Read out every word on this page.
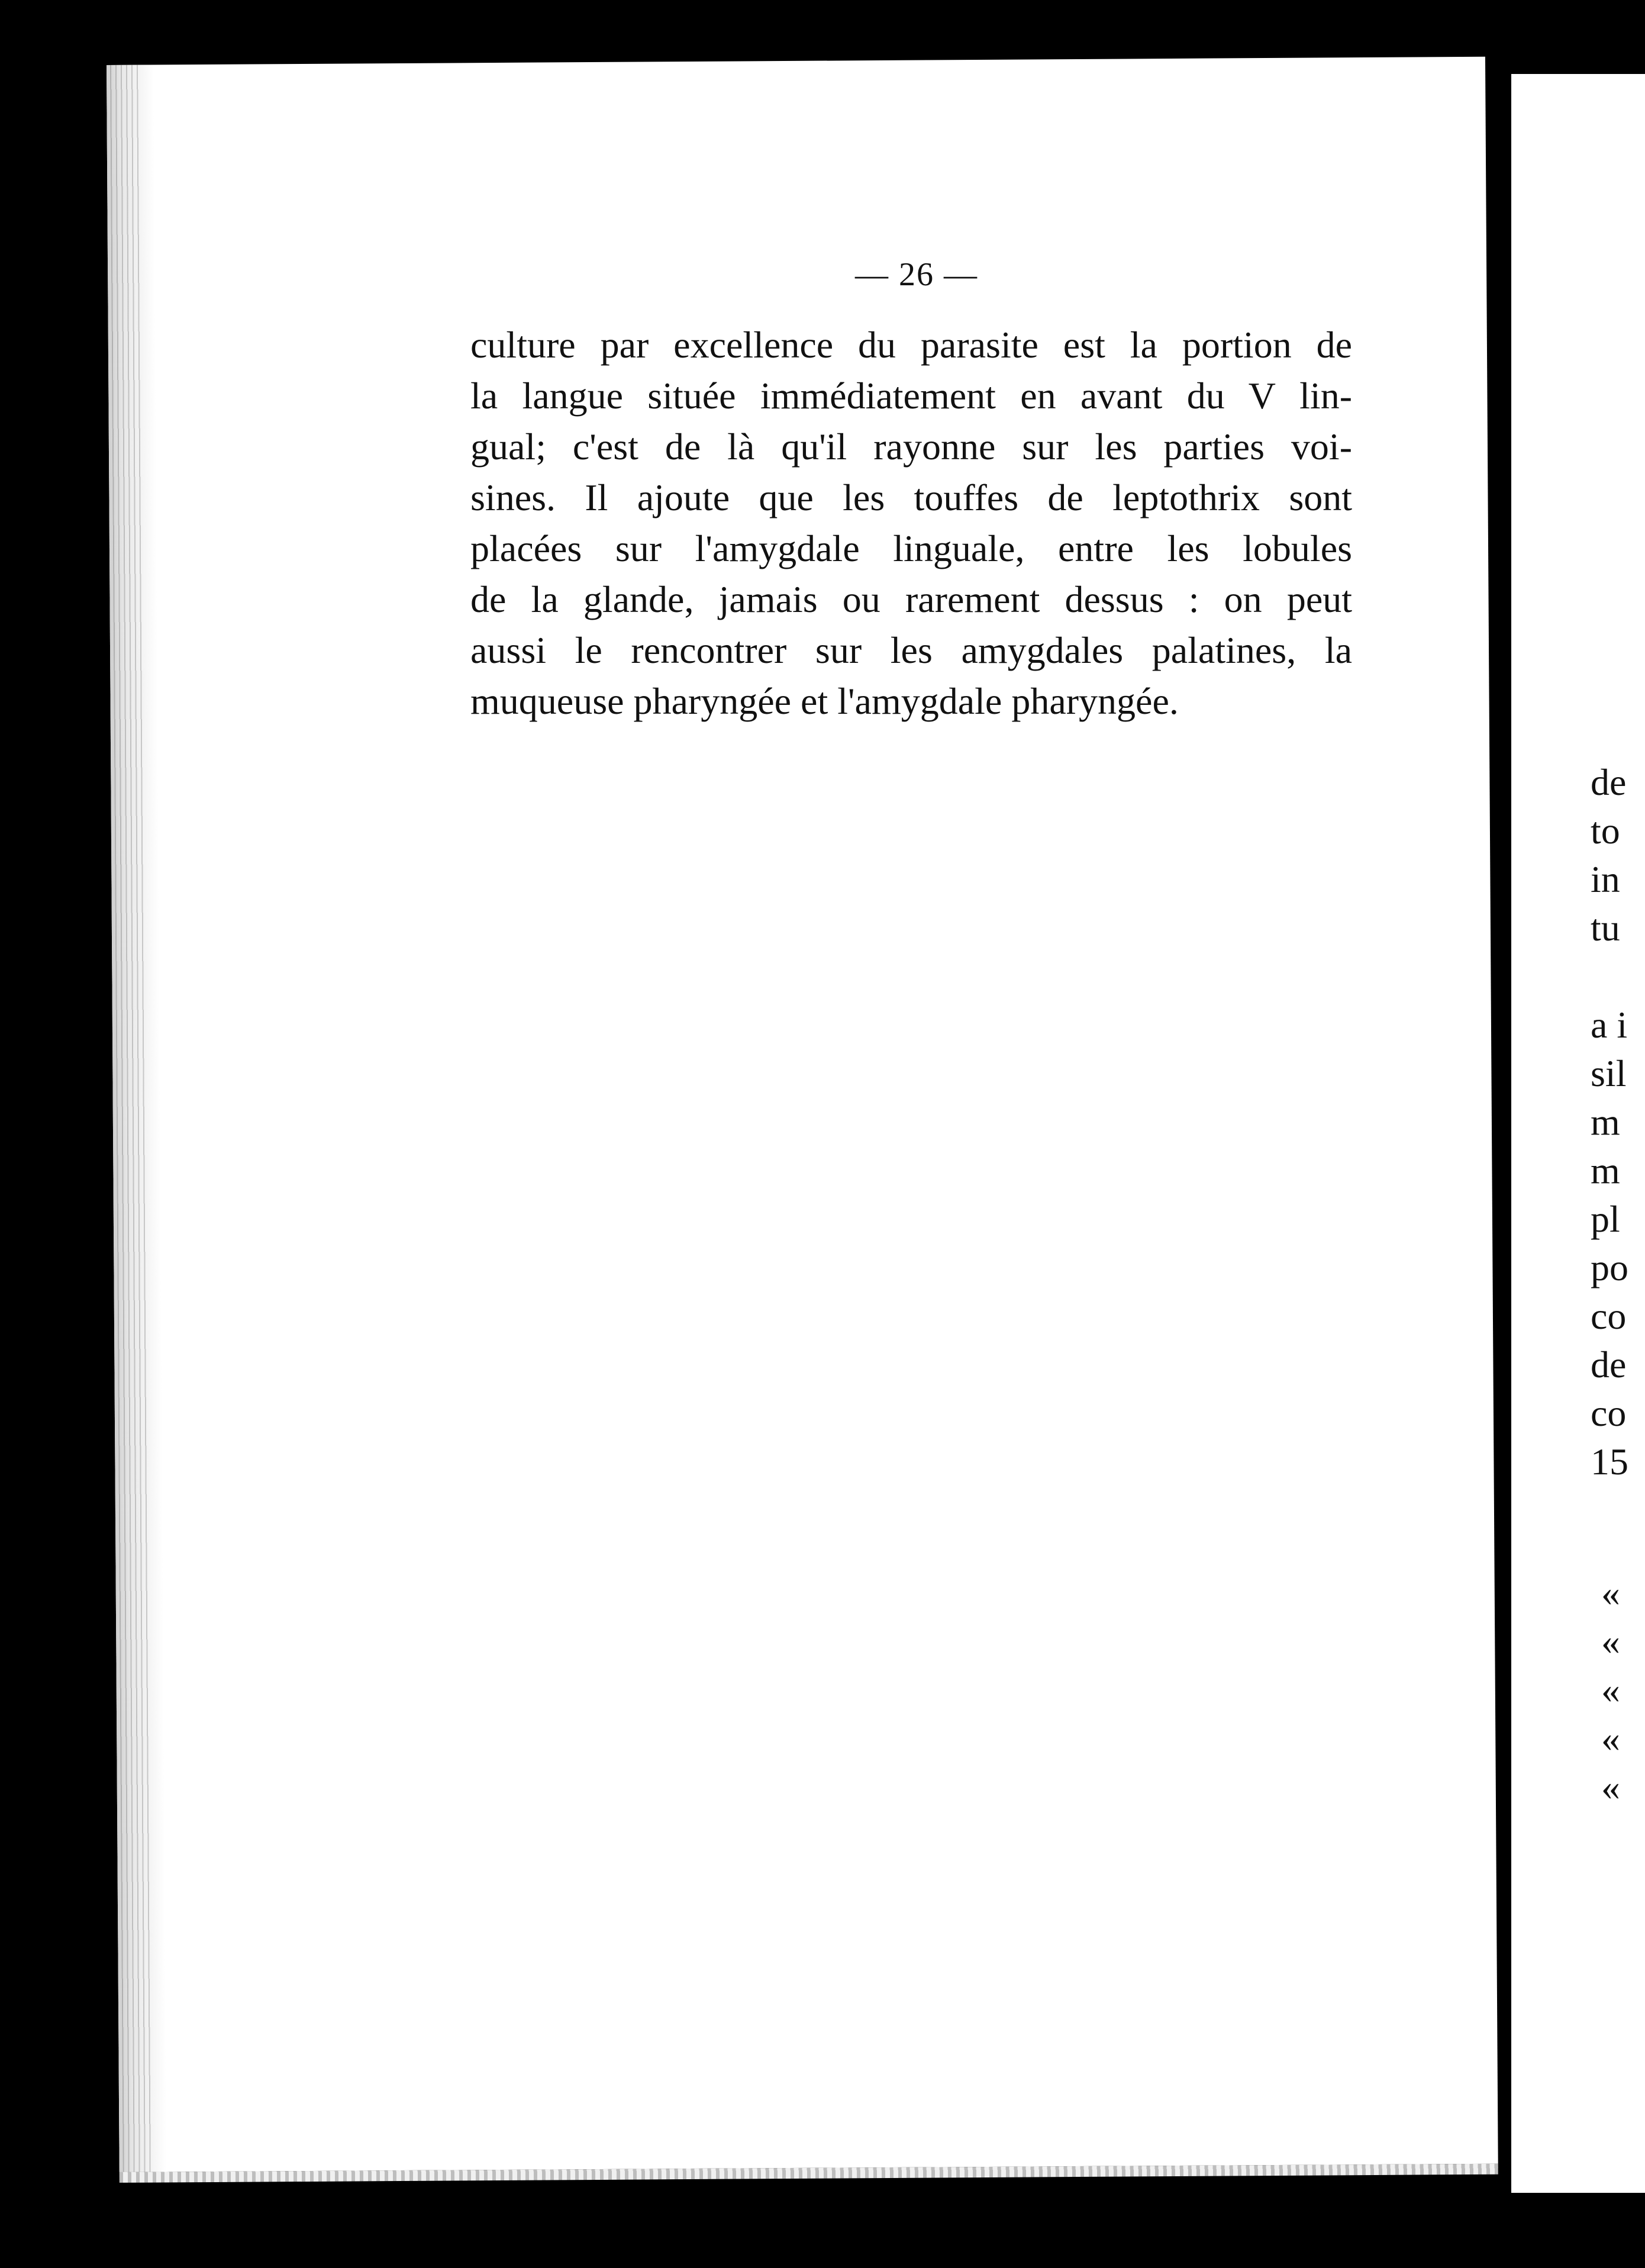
de
to
in
tu
a i
sil
m
m
pl
po
co
de
co
15
«
«
«
«
«
— 26 —
culture par excellence du parasite est la portion de
la langue située immédiatement en avant du V lin-
gual; c'est de là qu'il rayonne sur les parties voi-
sines. Il ajoute que les touffes de leptothrix sont
placées sur l'amygdale linguale, entre les lobules
de la glande, jamais ou rarement dessus : on peut
aussi le rencontrer sur les amygdales palatines, la
muqueuse pharyngée et l'amygdale pharyngée.
